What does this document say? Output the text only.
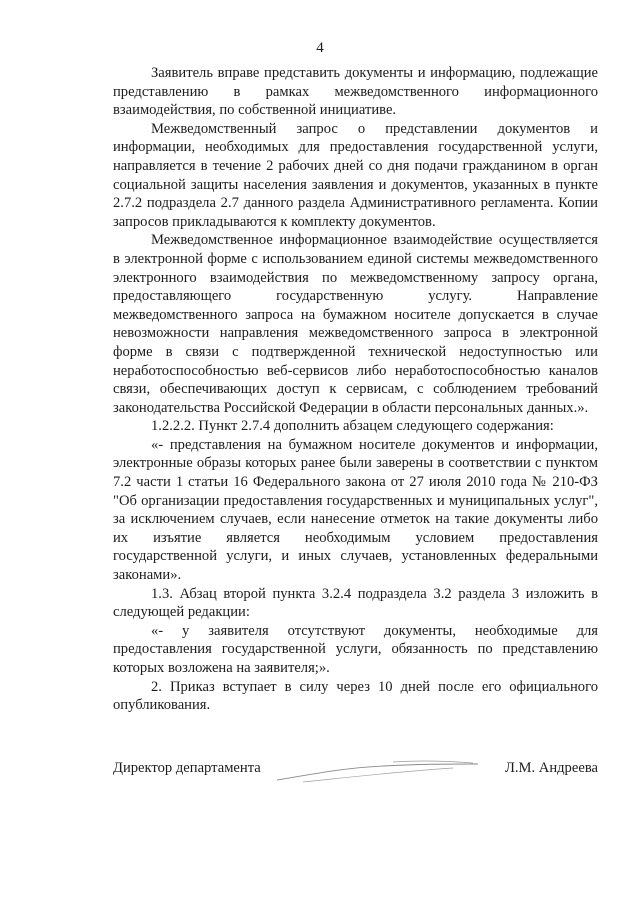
4

Заявитель вправе представить документы и информацию, подлежащие представлению в рамках межведомственного информационного взаимодействия, по собственной инициативе.

Межведомственный запрос о представлении документов и информации, необходимых для предоставления государственной услуги, направляется в течение 2 рабочих дней со дня подачи гражданином в орган социальной защиты населения заявления и документов, указанных в пункте 2.7.2 подраздела 2.7 данного раздела Административного регламента. Копии запросов прикладываются к комплекту документов.

Межведомственное информационное взаимодействие осуществляется в электронной форме с использованием единой системы межведомственного электронного взаимодействия по межведомственному запросу органа, предоставляющего государственную услугу. Направление межведомственного запроса на бумажном носителе допускается в случае невозможности направления межведомственного запроса в электронной форме в связи с подтвержденной технической недоступностью или неработоспособностью веб-сервисов либо неработоспособностью каналов связи, обеспечивающих доступ к сервисам, с соблюдением требований законодательства Российской Федерации в области персональных данных.».

1.2.2.2. Пункт 2.7.4 дополнить абзацем следующего содержания:

«- представления на бумажном носителе документов и информации, электронные образы которых ранее были заверены в соответствии с пунктом 7.2 части 1 статьи 16 Федерального закона от 27 июля 2010 года № 210-ФЗ "Об организации предоставления государственных и муниципальных услуг", за исключением случаев, если нанесение отметок на такие документы либо их изъятие является необходимым условием предоставления государственной услуги, и иных случаев, установленных федеральными законами».

1.3. Абзац второй пункта 3.2.4 подраздела 3.2 раздела 3 изложить в следующей редакции:

«- у заявителя отсутствуют документы, необходимые для предоставления государственной услуги, обязанность по представлению которых возложена на заявителя;».

2. Приказ вступает в силу через 10 дней после его официального опубликования.

Директор департамента	Л.М. Андреева
